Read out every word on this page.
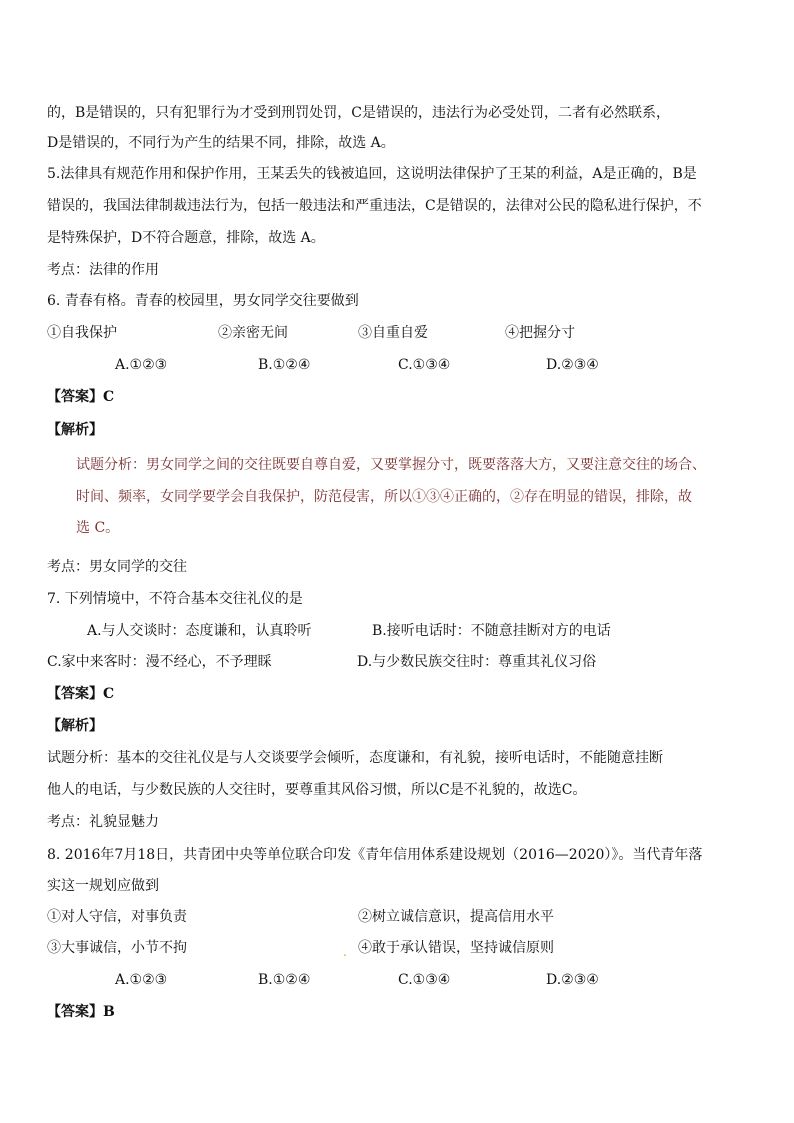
的，B是错误的，只有犯罪行为才受到刑罚处罚，C是错误的，违法行为必受处罚，二者有必然联系，
D是错误的，不同行为产生的结果不同，排除，故选 A。
5.法律具有规范作用和保护作用，王某丢失的钱被追回，这说明法律保护了王某的利益，A是正确的，B是
错误的，我国法律制裁违法行为，包括一般违法和严重违法，C是错误的，法律对公民的隐私进行保护，不
是特殊保护，D不符合题意，排除，故选 A。
考点：法律的作用
6. 青春有格。青春的校园里，男女同学交往要做到
①自我保护	②亲密无间	③自重自爱	④把握分寸
A.①②③	B.①②④	C.①③④	D.②③④
【答案】C
【解析】
试题分析：男女同学之间的交往既要自尊自爱，又要掌握分寸，既要落落大方，又要注意交往的场合、
时间、频率，女同学要学会自我保护，防范侵害，所以①③④正确的，②存在明显的错误，排除，故
选 C。
考点：男女同学的交往
7. 下列情境中，不符合基本交往礼仪的是
A.与人交谈时：态度谦和，认真聆听	B.接听电话时：不随意挂断对方的电话
C.家中来客时：漫不经心，不予理睬	D.与少数民族交往时：尊重其礼仪习俗
【答案】C
【解析】
试题分析：基本的交往礼仪是与人交谈要学会倾听，态度谦和，有礼貌，接听电话时，不能随意挂断
他人的电话，与少数民族的人交往时，要尊重其风俗习惯，所以C是不礼貌的，故选C。
考点：礼貌显魅力
8. 2016年7月18日，共青团中央等单位联合印发《青年信用体系建设规划（2016—2020）》。当代青年落
实这一规划应做到
①对人守信，对事负责	②树立诚信意识，提高信用水平
③大事诚信，小节不拘	. ④敢于承认错误，坚持诚信原则
A.①②③	B.①②④	C.①③④	D.②③④
【答案】B
